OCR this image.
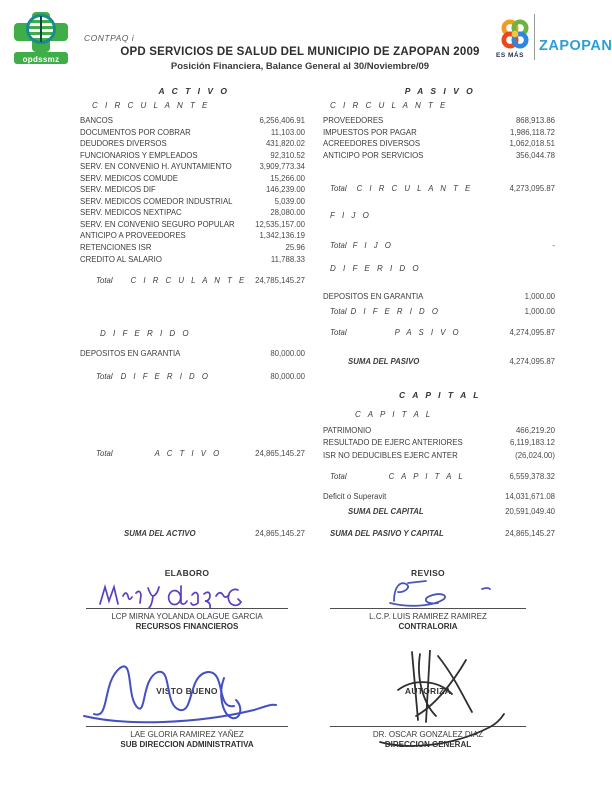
opdssmz
CONTPAQ i
OPD SERVICIOS DE SALUD DEL MUNICIPIO DE ZAPOPAN 2009
Posición Financiera, Balance General al 30/Noviembre/09
ES MÁS
ZAPOPAN
A C T I V O
C I R C U L A N T E
BANCOS	6,256,406.91
DOCUMENTOS POR COBRAR	11,103.00
DEUDORES DIVERSOS	431,820.02
FUNCIONARIOS Y EMPLEADOS	92,310.52
SERV. EN CONVENIO H. AYUNTAMIENTO	3,909,773.34
SERV. MEDICOS COMUDE	15,266.00
SERV. MEDICOS DIF	146,239.00
SERV. MEDICOS COMEDOR INDUSTRIAL	5,039.00
SERV. MEDICOS NEXTIPAC	28,080.00
SERV. EN CONVENIO SEGURO POPULAR	12,535,157.00
ANTICIPO A PROVEEDORES	1,342,136.19
RETENCIONES ISR	25.96
CREDITO AL SALARIO	11,788.33
Total C I R C U L A N T E 24,785,145.27
D I F E R I D O
DEPOSITOS EN GARANTIA	80,000.00
Total D I F E R I D O	80,000.00
Total	A C T I V O	24,865,145.27
SUMA DEL ACTIVO	24,865,145.27
P A S I V O
C I R C U L A N T E
PROVEEDORES	868,913.86
IMPUESTOS POR PAGAR	1,986,118.72
ACREEDORES DIVERSOS	1,062,018.51
ANTICIPO POR SERVICIOS	356,044.78
Total C I R C U L A N T E	4,273,095.87
F I J O
Total F I J O	-
D I F E R I D O
DEPOSITOS EN GARANTIA	1,000.00
Total D I F E R I D O	1,000.00
Total	P A S I V O	4,274,095.87
SUMA DEL PASIVO	4,274,095.87
C A P I T A L
C A P I T A L
PATRIMONIO	466,219.20
RESULTADO DE EJERC ANTERIORES	6,119,183.12
ISR NO DEDUCIBLES EJERC ANTER	(26,024.00)
Total	C A P I T A L	6,559,378.32
Deficit o Superavit	14,031,671.08
SUMA DEL CAPITAL	20,591,049.40
SUMA DEL PASIVO Y CAPITAL	24,865,145.27
ELABORO
LCP MIRNA YOLANDA OLAGUE GARCIA
RECURSOS FINANCIEROS
REVISO
L.C.P. LUIS RAMIREZ RAMIREZ
CONTRALORIA
VISTO BUENO
LAE GLORIA RAMIREZ YAÑEZ
SUB DIRECCION ADMINISTRATIVA
AUTORIZA
DR. OSCAR GONZALEZ DIAZ
DIRECCION GENERAL
